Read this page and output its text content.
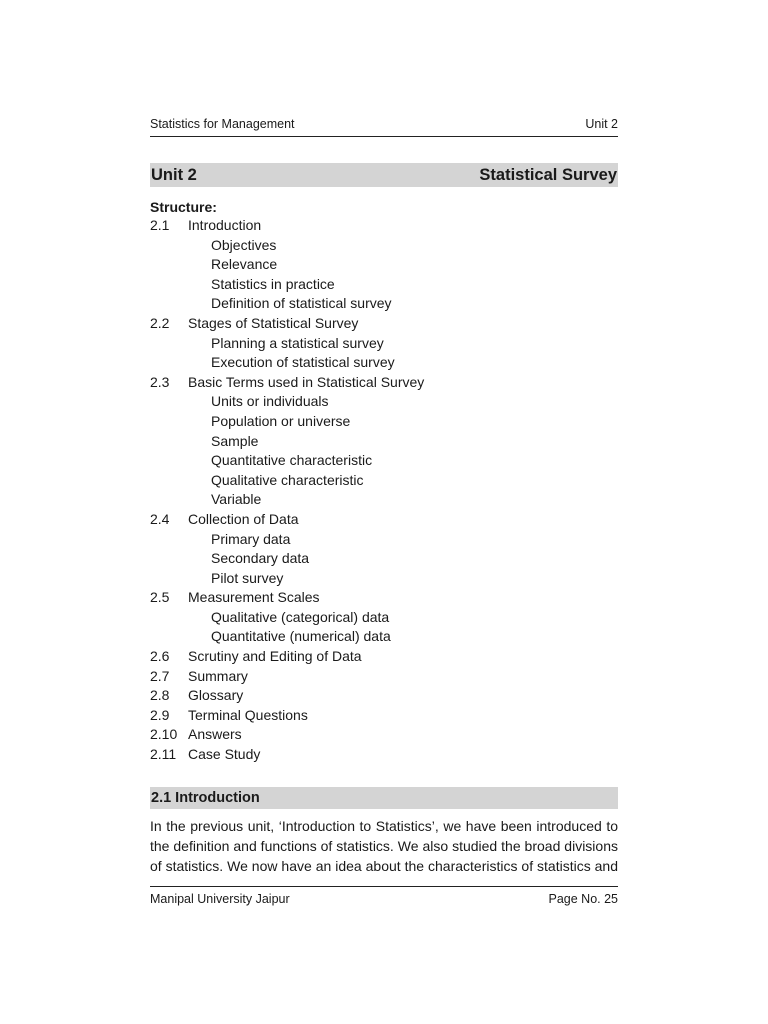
Statistics for Management	Unit 2
Unit 2	Statistical Survey
Structure:
2.1 Introduction
Objectives
Relevance
Statistics in practice
Definition of statistical survey
2.2 Stages of Statistical Survey
Planning a statistical survey
Execution of statistical survey
2.3 Basic Terms used in Statistical Survey
Units or individuals
Population or universe
Sample
Quantitative characteristic
Qualitative characteristic
Variable
2.4 Collection of Data
Primary data
Secondary data
Pilot survey
2.5 Measurement Scales
Qualitative (categorical) data
Quantitative (numerical) data
2.6 Scrutiny and Editing of Data
2.7 Summary
2.8 Glossary
2.9 Terminal Questions
2.10 Answers
2.11 Case Study
2.1 Introduction
In the previous unit, ‘Introduction to Statistics’, we have been introduced to
the definition and functions of statistics. We also studied the broad divisions
of statistics. We now have an idea about the characteristics of statistics and
Manipal University Jaipur	Page No. 25
